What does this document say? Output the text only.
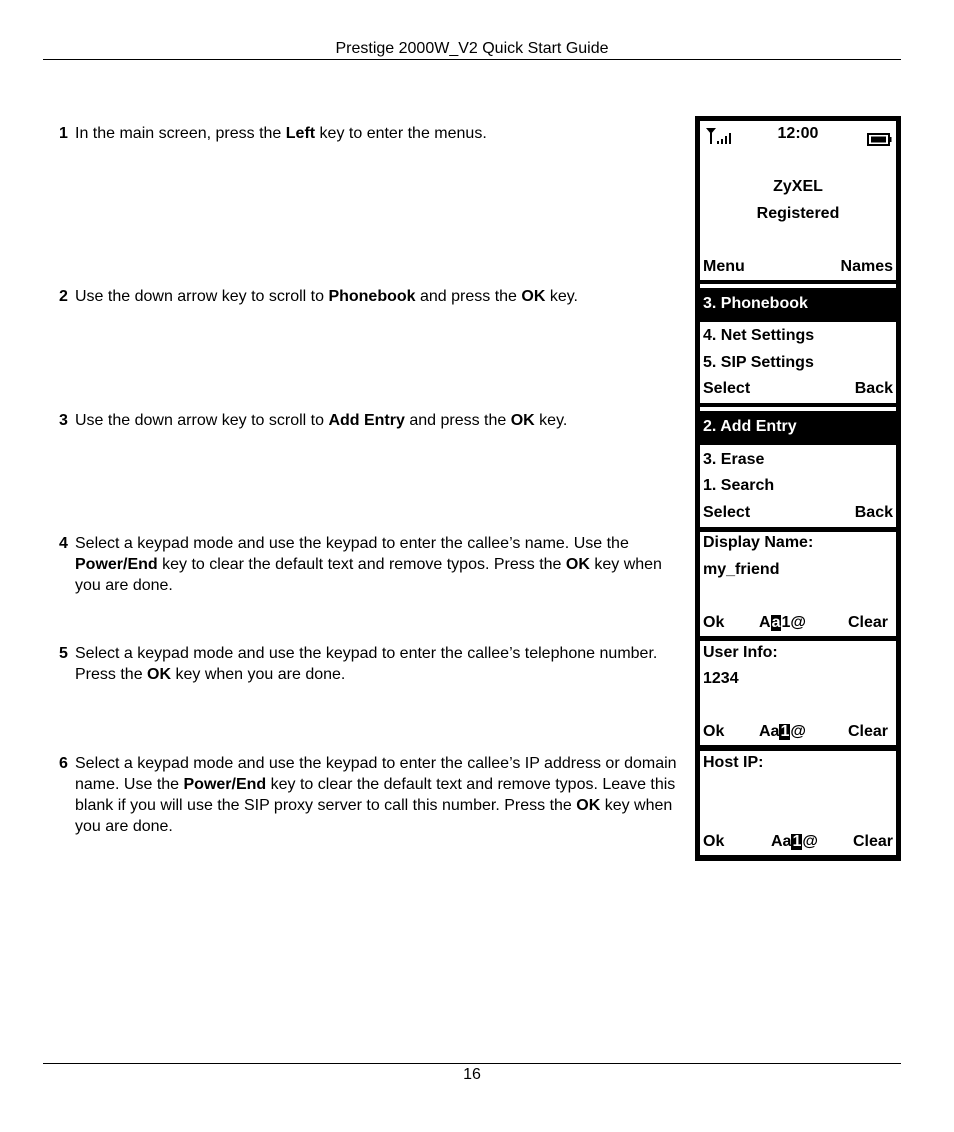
Prestige 2000W_V2 Quick Start Guide
1 In the main screen, press the Left key to enter the menus.
2 Use the down arrow key to scroll to Phonebook and press the OK key.
3 Use the down arrow key to scroll to Add Entry and press the OK key.
4 Select a keypad mode and use the keypad to enter the callee’s name. Use the Power/End key to clear the default text and remove typos. Press the OK key when you are done.
5 Select a keypad mode and use the keypad to enter the callee’s telephone number. Press the OK key when you are done.
6 Select a keypad mode and use the keypad to enter the callee’s IP address or domain name. Use the Power/End key to clear the default text and remove typos. Leave this blank if you will use the SIP proxy server to call this number. Press the OK key when you are done.
12:00
ZyXEL
Registered
Menu	Names
3. Phonebook
4. Net Settings
5. SIP Settings
Select	Back
2. Add Entry
3. Erase
1. Search
Select	Back
Display Name:
my_friend
Ok Aa1@	Clear
User Info:
1234
Ok Aa1@	Clear
Host IP:
Ok	Aa1@ Clear
16
